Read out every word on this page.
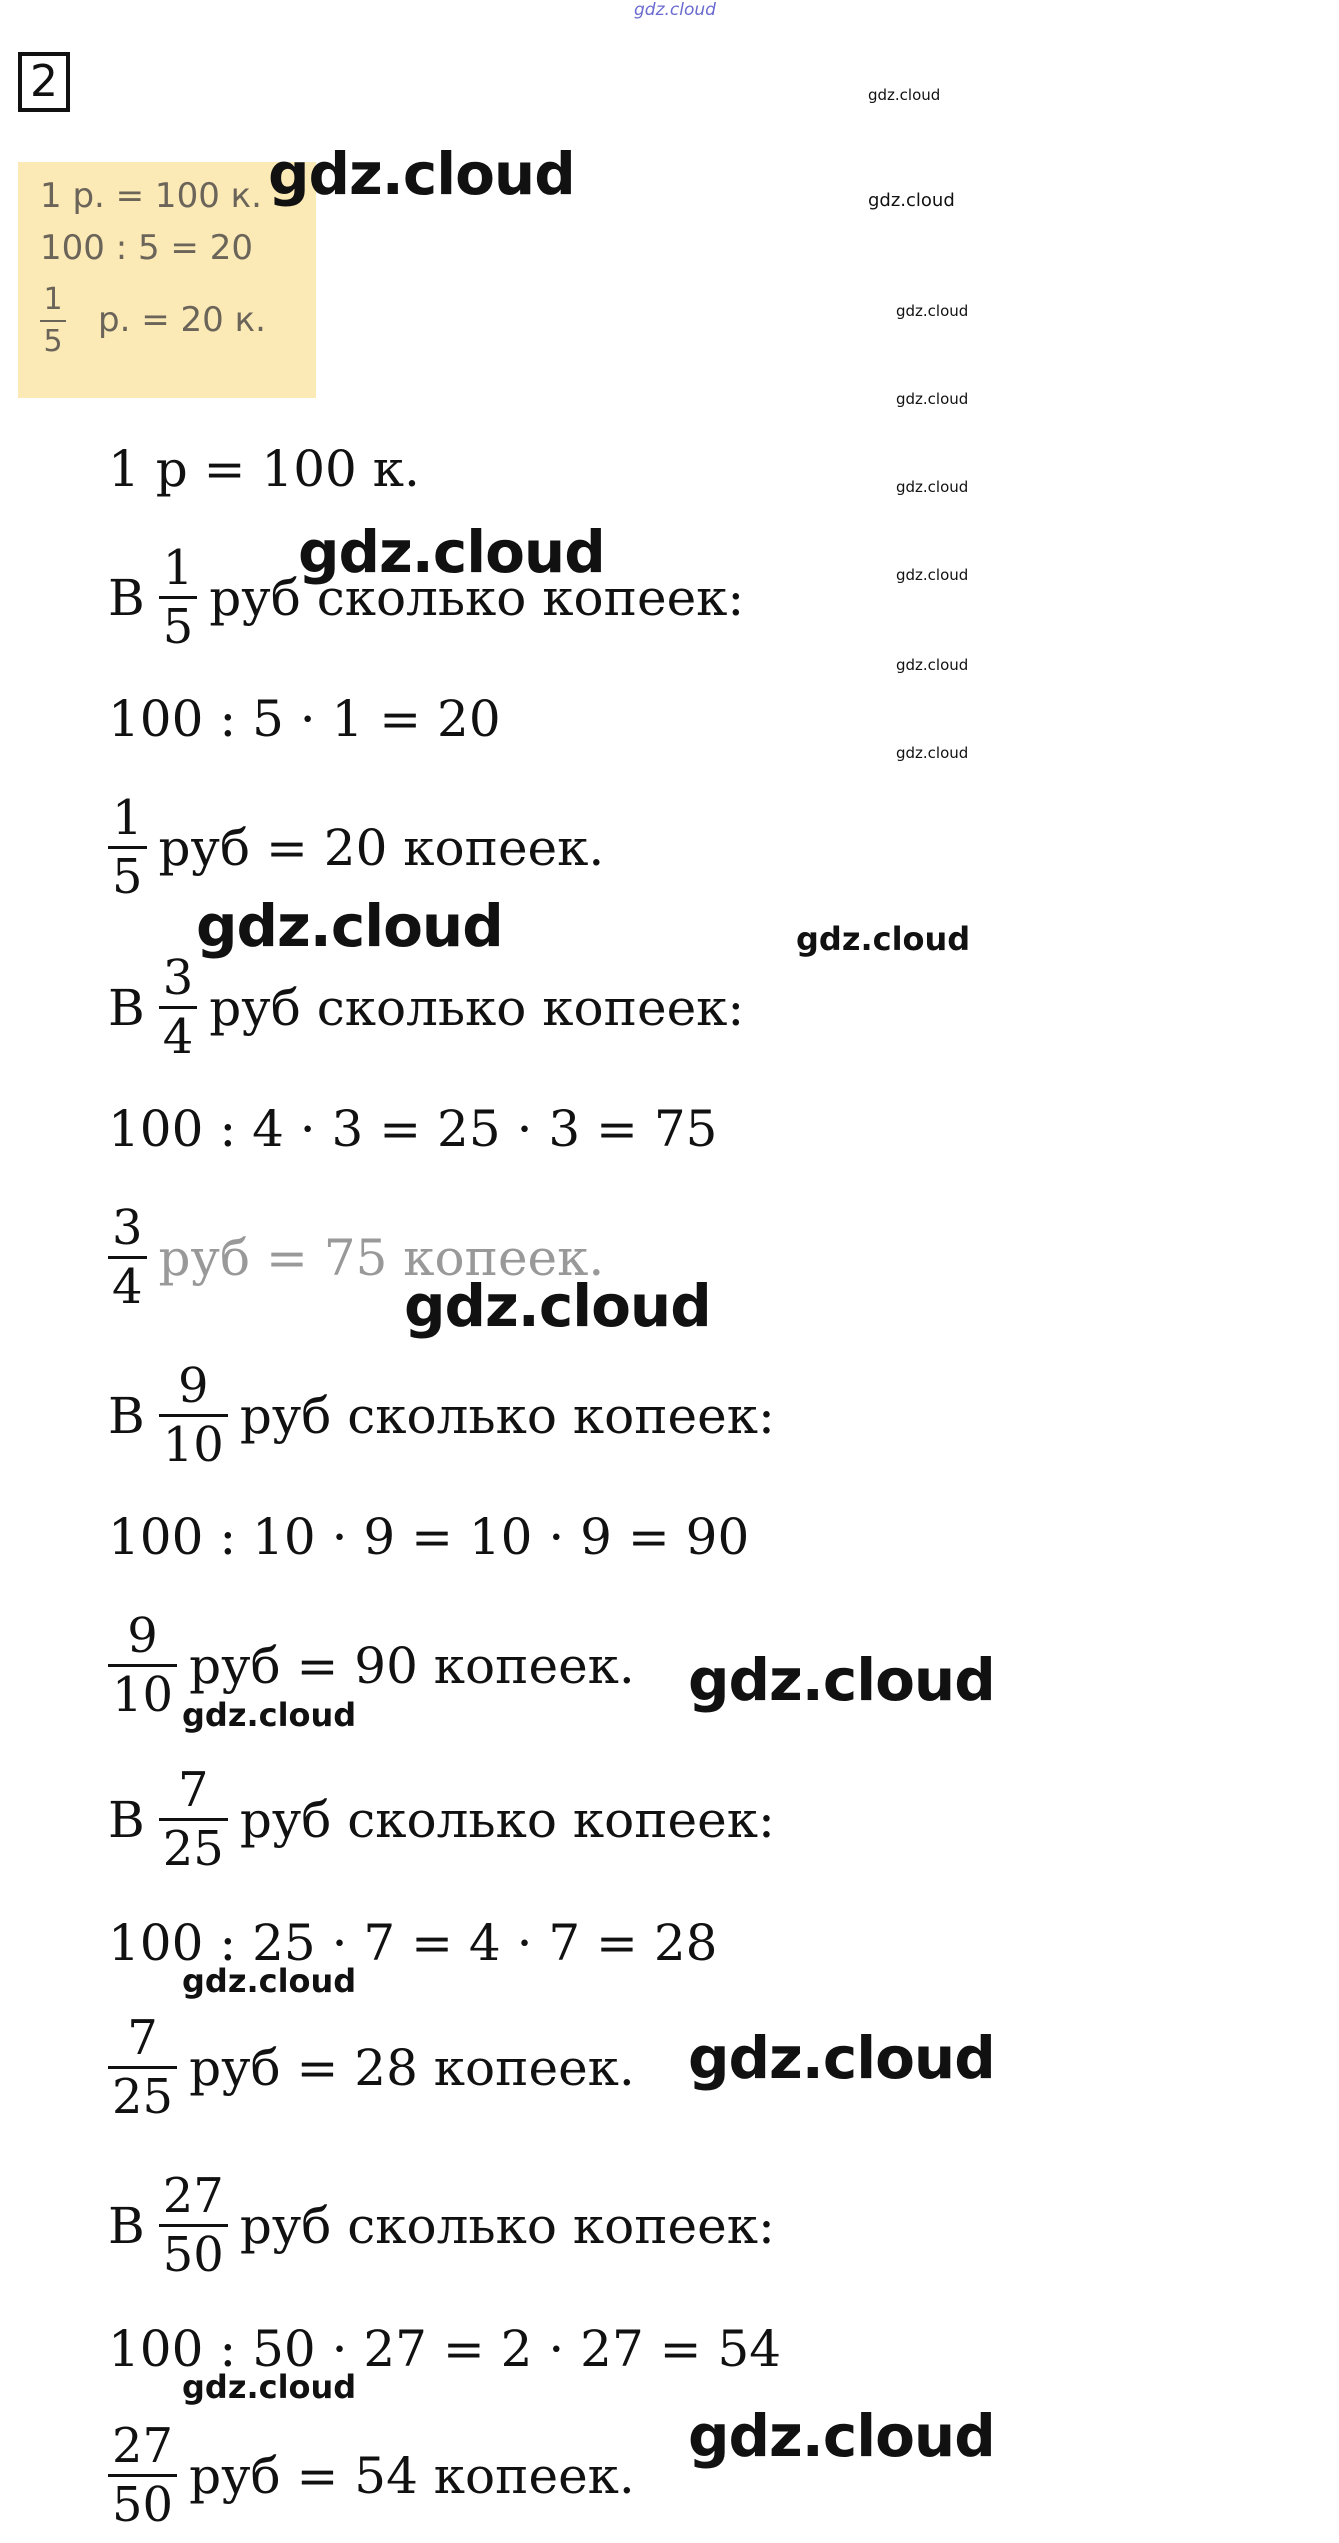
gdz.cloud
2
1 р. = 100 к.
100 : 5 = 20
1
5
р. = 20 к.
1 р = 100 к.
В $\frac{1}{5}$ руб сколько копеек:
100 : 5 · 1 = 20
$\frac{1}{5}$ руб = 20 копеек.
В $\frac{3}{4}$ руб сколько копеек:
100 : 4 · 3 = 25 · 3 = 75
$\frac{3}{4}$ руб = 75 копеек.
В $\frac{9}{10}$ руб сколько копеек:
100 : 10 · 9 = 10 · 9 = 90
$\frac{9}{10}$ руб = 90 копеек.
В $\frac{7}{25}$ руб сколько копеек:
100 : 25 · 7 = 4 · 7 = 28
$\frac{7}{25}$ руб = 28 копеек.
В $\frac{27}{50}$ руб сколько копеек:
100 : 50 · 27 = 2 · 27 = 54
$\frac{27}{50}$ руб = 54 копеек.
gdz.cloud
gdz.cloud
gdz.cloud
gdz.cloud
gdz.cloud
gdz.cloud
gdz.cloud
gdz.cloud
gdz.cloud
gdz.cloud
gdz.cloud
gdz.cloud
gdz.cloud
gdz.cloud
gdz.cloud
gdz.cloud
gdz.cloud
gdz.cloud
gdz.cloud
